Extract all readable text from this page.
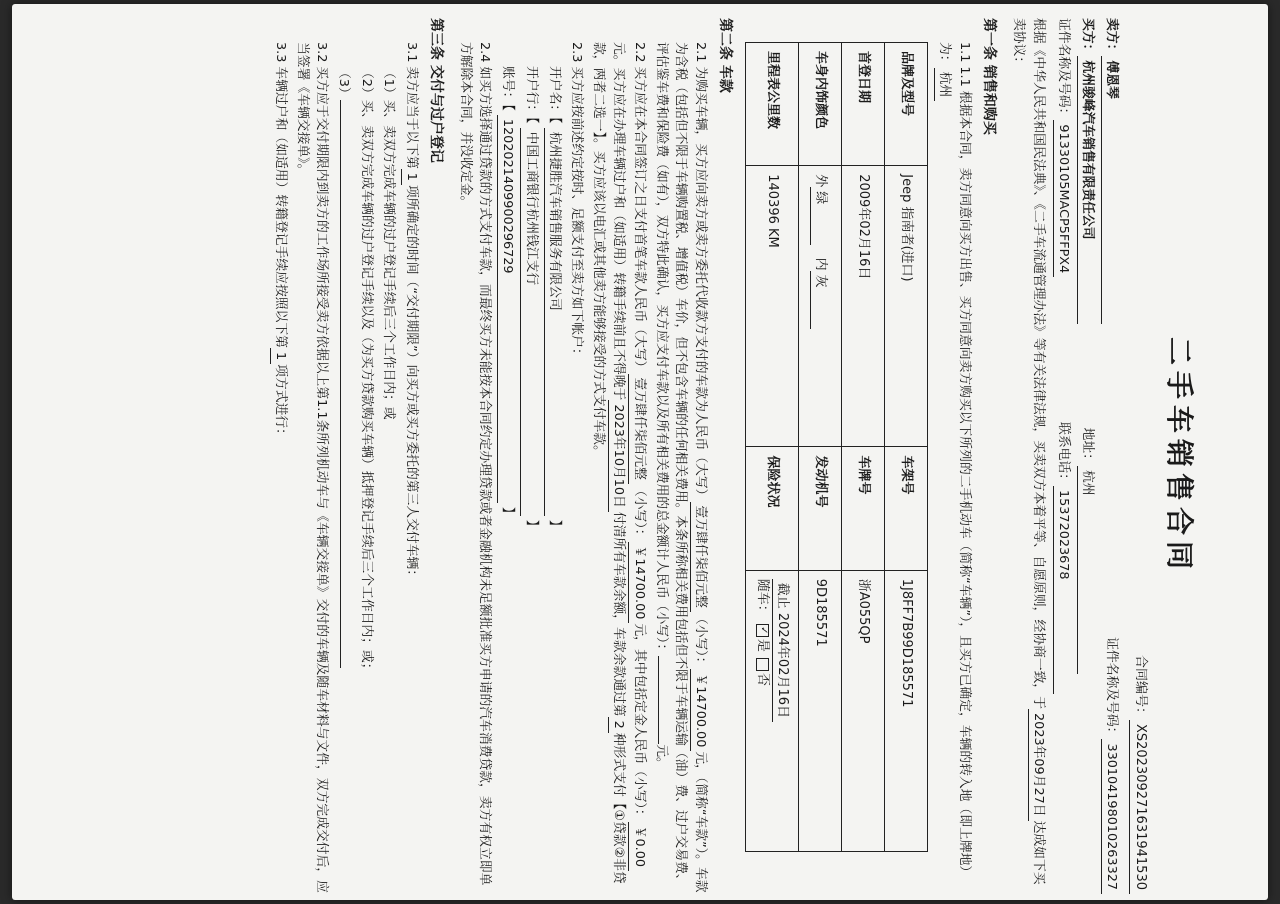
二手车销售合同
合同编号：XS20230927163194153​0
卖方：傅恩琴
证件名称及号码：330104198010263327
买方：杭州骏峰汽车销售有限责任公司
地址：杭州
证件名称及号码：91330105MACP5FFPX4
联系电话：15372023678
根据《中华人民共和国民法典》、《二手车流通管理办法》等有关法律法规，买卖双方本着平等、自愿原则，经协商一致，于2023年09月27日达成如下买卖协议：
第一条 销售和购买
1.1 1.1 根据本合同，卖方同意向买方出售、买方同意向卖方购买以下所列的二手机动车（简称“车辆”），且买方已确定，车辆的转入地（即上牌地）为：杭州
品牌及型号	Jeep 指南者(进口)	车架号	1J8FF7B99D185571
首登日期	2009年02月16日	车牌号	浙A055QP
车身内饰颜色	外绿   内灰	发动机号	9D185571
里程表公里数	140396 KM	保险状况	截止 2024年02月16日
随车： ✓是 否
第二条 车款
2.1 为购买车辆，买方应向卖方或卖方委托代收款方支付的车款为人民币（大写）壹万肆仟柒佰元整（小写）：￥14700.00元，（简称“车款”）。车款为含税（包括但不限于车辆购置税、增值税）车价，但不包含车辆的任何相关费用。本条所称相关费用包括但不限于车辆运输（油）费、过户交易费、评估鉴车费和保险费（如有），双方特此确认，买方应支付车款以及所有相关费用的总金额计人民币（小写）：元。
2.2 买方应在本合同签订之日支付首笔车款人民币（大写）壹万肆仟柒佰元整（小写）：￥14700.00元，其中包括定金人民币（小写）：￥0.00元。买方应在办理车辆过户和（如适用）转籍手续前且不得晚于2023年10月10日付清所有车款余额，车款余款通过第2种形式支付【①贷款②非贷款，两者二选一】。买方应该以电汇或其他卖方能够接受的方式支付车款。
2.3 买方应按前述约定按时、足额支付至卖方如下帐户：
开户名：【 杭州捷胜汽车销售服务有限公司 】
开户行：【 中国工商银行杭州钱江支行 】
账号：【 1202021409900296729 】
2.4 如买方选择通过贷款的方式支付车款，而最终买方未能按本合同约定办理贷款或者金融机构未足额批准买方申请的汽车消费贷款，卖方有权立即单方解除本合同，并没收定金。
第三条 交付与过户登记
3.1 卖方应当于以下第1项所确定的时间（“交付期限”）向买方或买方委托的第三人交付车辆：
（1）买、卖双方完成车辆的过户登记手续后三个工作日内；或
（2）买、卖双方完成车辆的过户登记手续以及（为买方贷款购买车辆）抵押登记手续后三个工作日内；或；
（3）
3.2 买方应于交付期限内到卖方的工作场所接受卖方依据以上第1.1条所列机动车与《车辆交接单》交付的车辆及随车材料与文件，双方完成交付后，应当签署《车辆交接单》。
3.3 车辆过户和（如适用）转籍登记手续应按照以下第1项方式进行：
